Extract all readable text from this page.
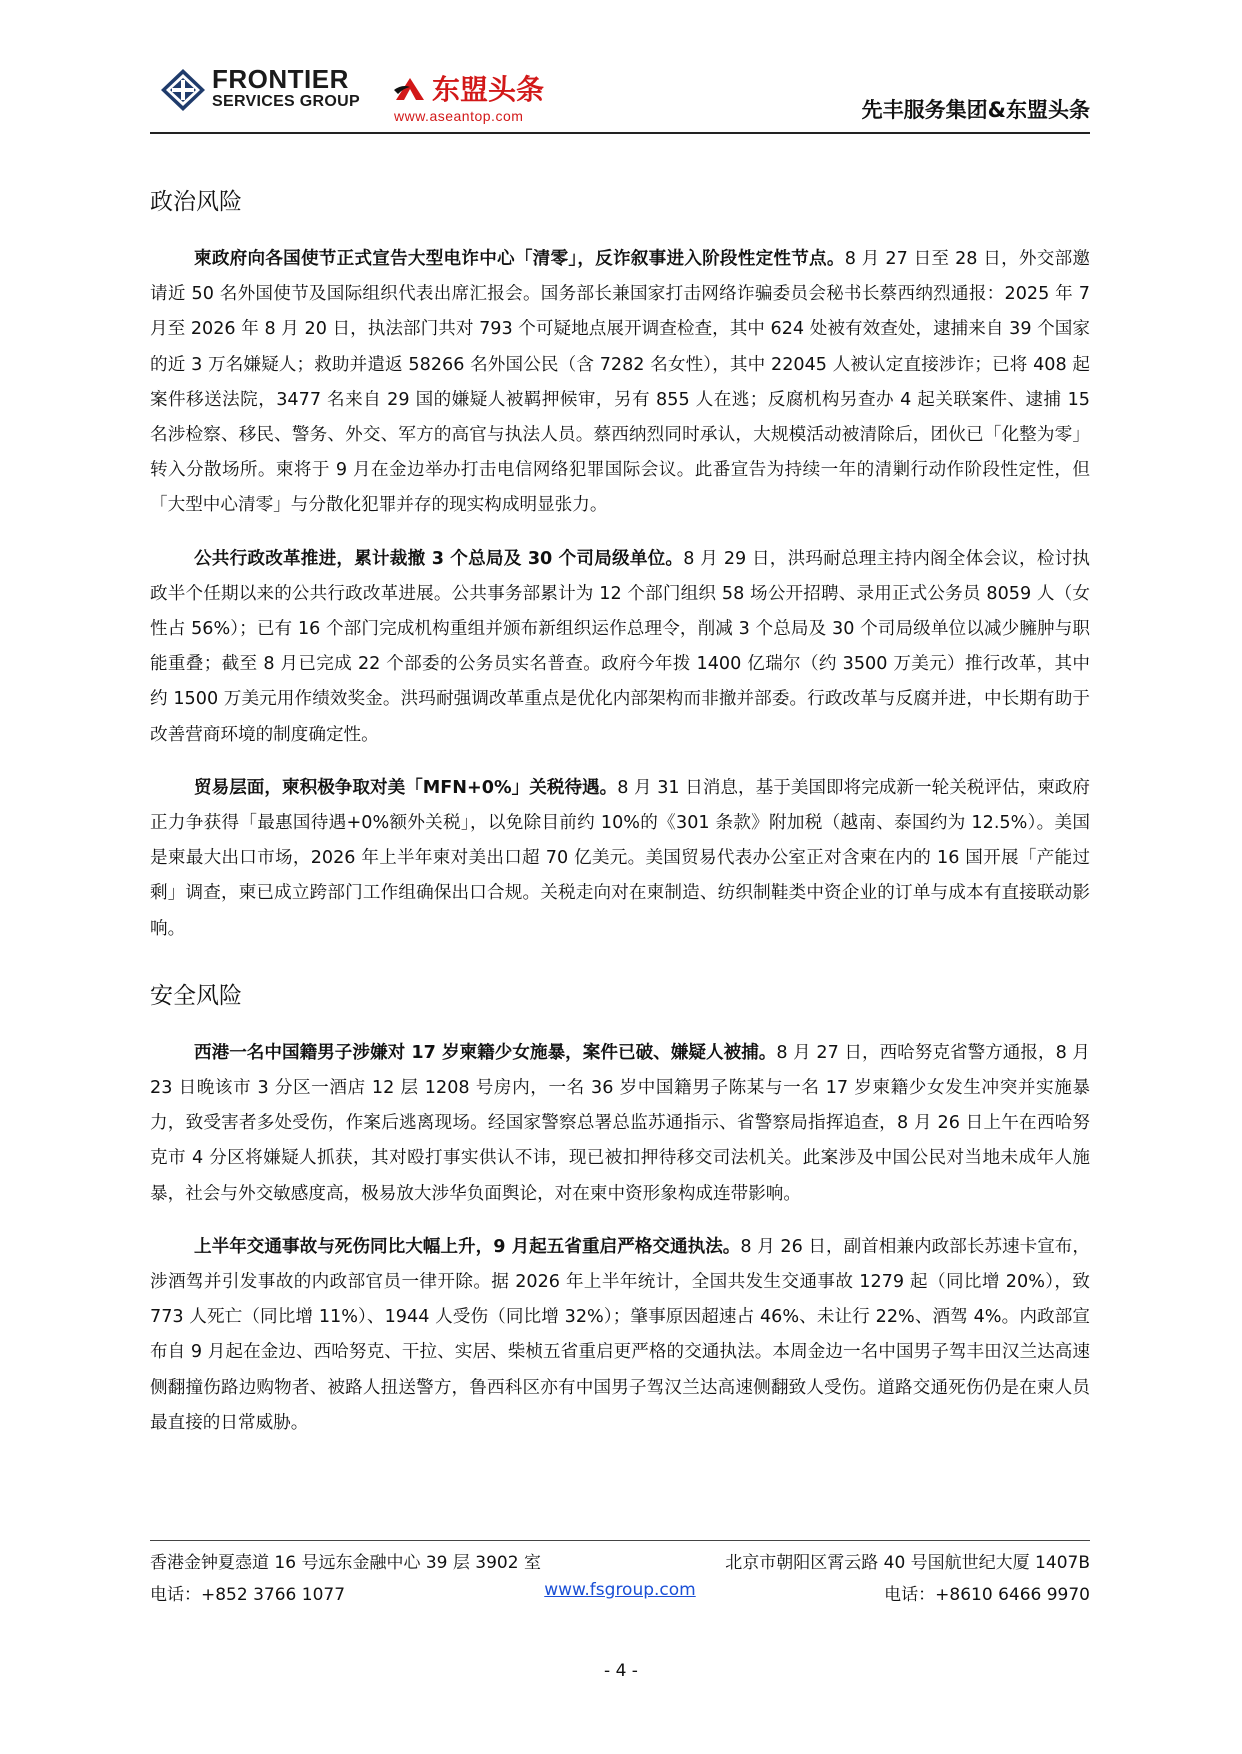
FRONTIER
SERVICES GROUP	东盟头条
www.aseantop.com	先丰服务集团&东盟头条
政治风险

柬政府向各国使节正式宣告大型电诈中心「清零」，反诈叙事进入阶段性定性节点。8 月 27 日至 28 日，外交部邀请近 50 名外国使节及国际组织代表出席汇报会。国务部长兼国家打击网络诈骗委员会秘书长蔡西纳烈通报：2025 年 7 月至 2026 年 8 月 20 日，执法部门共对 793 个可疑地点展开调查检查，其中 624 处被有效查处，逮捕来自 39 个国家的近 3 万名嫌疑人；救助并遣返 58266 名外国公民（含 7282 名女性），其中 22045 人被认定直接涉诈；已将 408 起案件移送法院，3477 名来自 29 国的嫌疑人被羁押候审，另有 855 人在逃；反腐机构另查办 4 起关联案件、逮捕 15 名涉检察、移民、警务、外交、军方的高官与执法人员。蔡西纳烈同时承认，大规模活动被清除后，团伙已「化整为零」转入分散场所。柬将于 9 月在金边举办打击电信网络犯罪国际会议。此番宣告为持续一年的清剿行动作阶段性定性，但「大型中心清零」与分散化犯罪并存的现实构成明显张力。

公共行政改革推进，累计裁撤 3 个总局及 30 个司局级单位。8 月 29 日，洪玛耐总理主持内阁全体会议，检讨执政半个任期以来的公共行政改革进展。公共事务部累计为 12 个部门组织 58 场公开招聘、录用正式公务员 8059 人（女性占 56%）；已有 16 个部门完成机构重组并颁布新组织运作总理令，削减 3 个总局及 30 个司局级单位以减少臃肿与职能重叠；截至 8 月已完成 22 个部委的公务员实名普查。政府今年拨 1400 亿瑞尔（约 3500 万美元）推行改革，其中约 1500 万美元用作绩效奖金。洪玛耐强调改革重点是优化内部架构而非撤并部委。行政改革与反腐并进，中长期有助于改善营商环境的制度确定性。

贸易层面，柬积极争取对美「MFN+0%」关税待遇。8 月 31 日消息，基于美国即将完成新一轮关税评估，柬政府正力争获得「最惠国待遇+0%额外关税」，以免除目前约 10%的《301 条款》附加税（越南、泰国约为 12.5%）。美国是柬最大出口市场，2026 年上半年柬对美出口超 70 亿美元。美国贸易代表办公室正对含柬在内的 16 国开展「产能过剩」调查，柬已成立跨部门工作组确保出口合规。关税走向对在柬制造、纺织制鞋类中资企业的订单与成本有直接联动影响。

安全风险

西港一名中国籍男子涉嫌对 17 岁柬籍少女施暴，案件已破、嫌疑人被捕。8 月 27 日，西哈努克省警方通报，8 月 23 日晚该市 3 分区一酒店 12 层 1208 号房内，一名 36 岁中国籍男子陈某与一名 17 岁柬籍少女发生冲突并实施暴力，致受害者多处受伤，作案后逃离现场。经国家警察总署总监苏通指示、省警察局指挥追查，8 月 26 日上午在西哈努克市 4 分区将嫌疑人抓获，其对殴打事实供认不讳，现已被扣押待移交司法机关。此案涉及中国公民对当地未成年人施暴，社会与外交敏感度高，极易放大涉华负面舆论，对在柬中资形象构成连带影响。

上半年交通事故与死伤同比大幅上升，9 月起五省重启严格交通执法。8 月 26 日，副首相兼内政部长苏速卡宣布，涉酒驾并引发事故的内政部官员一律开除。据 2026 年上半年统计，全国共发生交通事故 1279 起（同比增 20%），致 773 人死亡（同比增 11%）、1944 人受伤（同比增 32%）；肇事原因超速占 46%、未让行 22%、酒驾 4%。内政部宣布自 9 月起在金边、西哈努克、干拉、实居、柴桢五省重启更严格的交通执法。本周金边一名中国男子驾丰田汉兰达高速侧翻撞伤路边购物者、被路人扭送警方，鲁西科区亦有中国男子驾汉兰达高速侧翻致人受伤。道路交通死伤仍是在柬人员最直接的日常威胁。

香港金钟夏悫道 16 号远东金融中心 39 层 3902 室	北京市朝阳区霄云路 40 号国航世纪大厦 1407B
电话：+852 3766 1077	www.fsgroup.com	电话：+8610 6466 9970
- 4 -
